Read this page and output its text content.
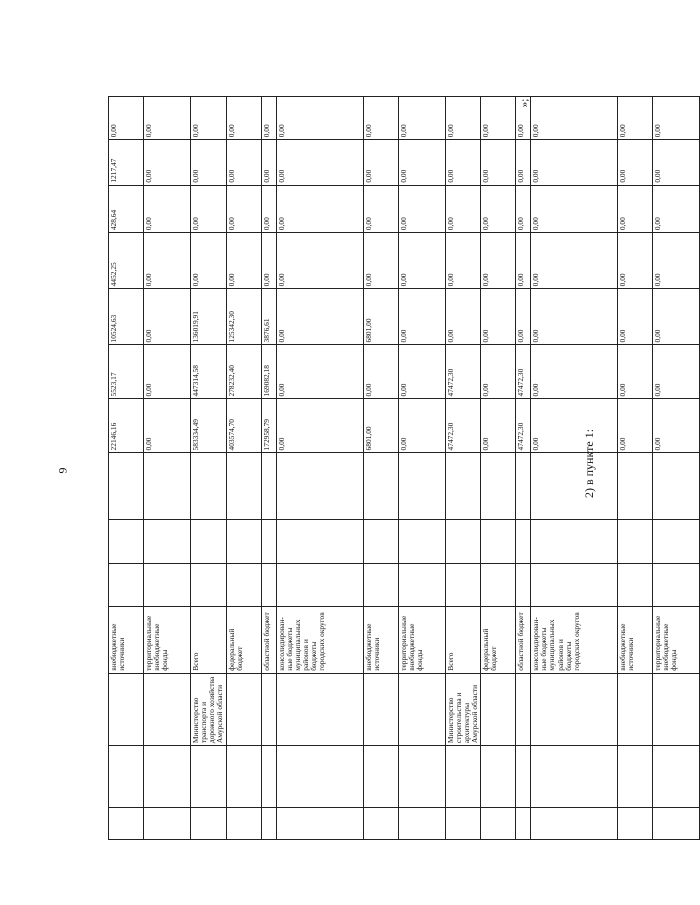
9	2) в пункте 1:
»;
			внебюджетные источники				22146,16	5523,17	10524,63	4452,25	428,64	1217,47	0,00
			территориальные внебюджетные фонды				0,00	0,00	0,00	0,00	0,00	0,00	0,00
		Министерство транспорта и дорожного хозяйства Амурской области	Всего				583334,49	447314,58	136019,91	0,00	0,00	0,00	0,00
			федеральный бюджет				403574,70	278232,40	125342,30	0,00	0,00	0,00	0,00
			областной бюджет				172958,79	169082,18	3876,61	0,00	0,00	0,00	0,00
			консолидирован-ные бюджеты муниципальных районов и бюджеты городских округов				0,00	0,00	0,00	0,00	0,00	0,00	0,00
			внебюджетные источники				6801,00	0,00	6801,00	0,00	0,00	0,00	0,00
			территориальные внебюджетные фонды				0,00	0,00	0,00	0,00	0,00	0,00	0,00
		Министерство строительства и архитектуры Амурской области	Всего				47472,30	47472,30	0,00	0,00	0,00	0,00	0,00
			федеральный бюджет				0,00	0,00	0,00	0,00	0,00	0,00	0,00
			областной бюджет				47472,30	47472,30	0,00	0,00	0,00	0,00	0,00
			консолидирован-ные бюджеты муниципальных районов и бюджеты городских округов				0,00	0,00	0,00	0,00	0,00	0,00	0,00
			внебюджетные источники				0,00	0,00	0,00	0,00	0,00	0,00	0,00
			территориальные внебюджетные фонды				0,00	0,00	0,00	0,00	0,00	0,00	0,00
